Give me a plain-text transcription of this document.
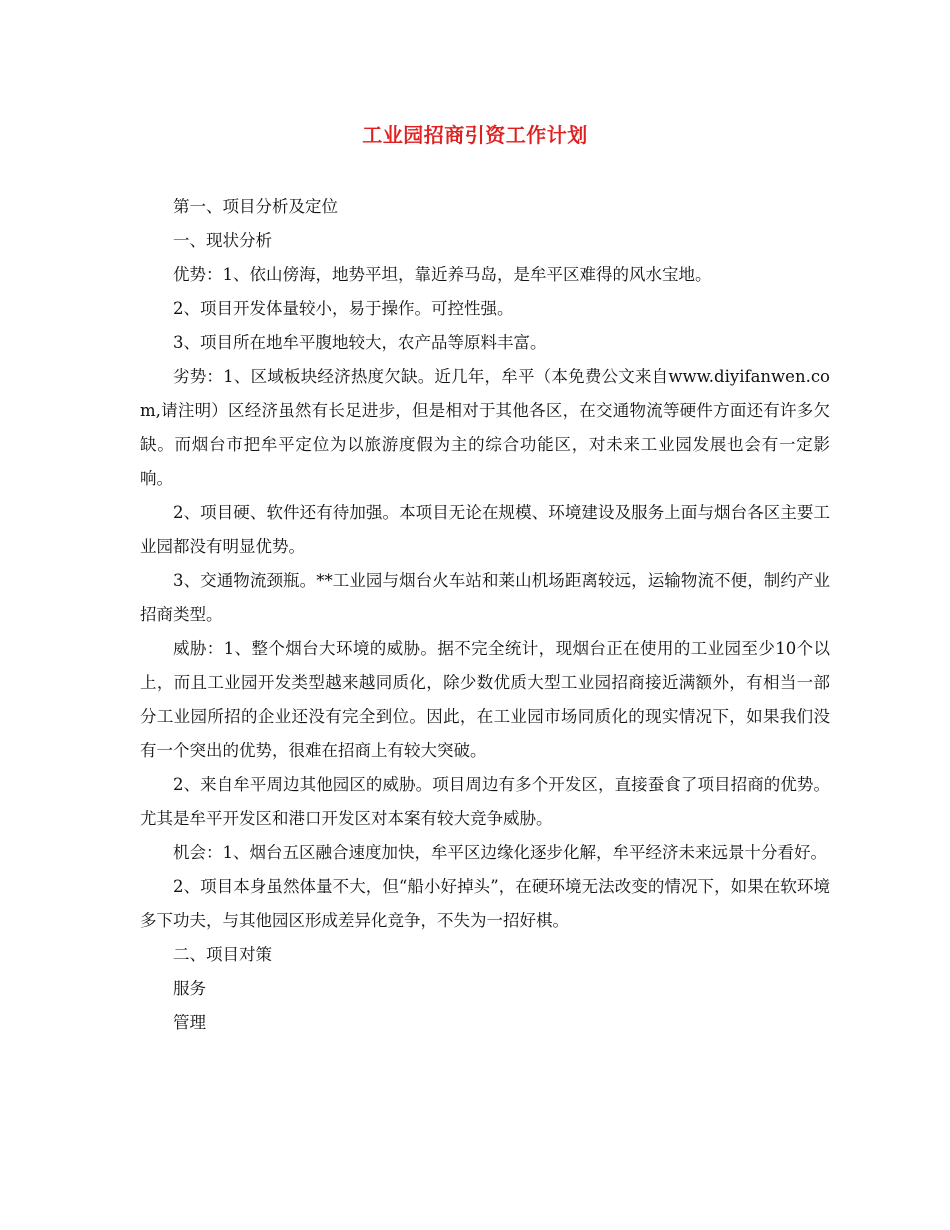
工业园招商引资工作计划

第一、项目分析及定位

一、现状分析

优势：1、依山傍海，地势平坦，靠近养马岛，是牟平区难得的风水宝地。

2、项目开发体量较小，易于操作。可控性强。

3、项目所在地牟平腹地较大，农产品等原料丰富。

劣势：1、区域板块经济热度欠缺。近几年，牟平（本免费公文来自www.diyifanwen.com,请注明）区经济虽然有长足进步，但是相对于其他各区，在交通物流等硬件方面还有许多欠缺。而烟台市把牟平定位为以旅游度假为主的综合功能区，对未来工业园发展也会有一定影响。

2、项目硬、软件还有待加强。本项目无论在规模、环境建设及服务上面与烟台各区主要工业园都没有明显优势。

3、交通物流颈瓶。**工业园与烟台火车站和莱山机场距离较远，运输物流不便，制约产业招商类型。

威胁：1、整个烟台大环境的威胁。据不完全统计，现烟台正在使用的工业园至少10个以上，而且工业园开发类型越来越同质化，除少数优质大型工业园招商接近满额外，有相当一部分工业园所招的企业还没有完全到位。因此，在工业园市场同质化的现实情况下，如果我们没有一个突出的优势，很难在招商上有较大突破。

2、来自牟平周边其他园区的威胁。项目周边有多个开发区，直接蚕食了项目招商的优势。尤其是牟平开发区和港口开发区对本案有较大竞争威胁。

机会：1、烟台五区融合速度加快，牟平区边缘化逐步化解，牟平经济未来远景十分看好。

2、项目本身虽然体量不大，但“船小好掉头”，在硬环境无法改变的情况下，如果在软环境多下功夫，与其他园区形成差异化竞争，不失为一招好棋。

二、项目对策

服务

管理
